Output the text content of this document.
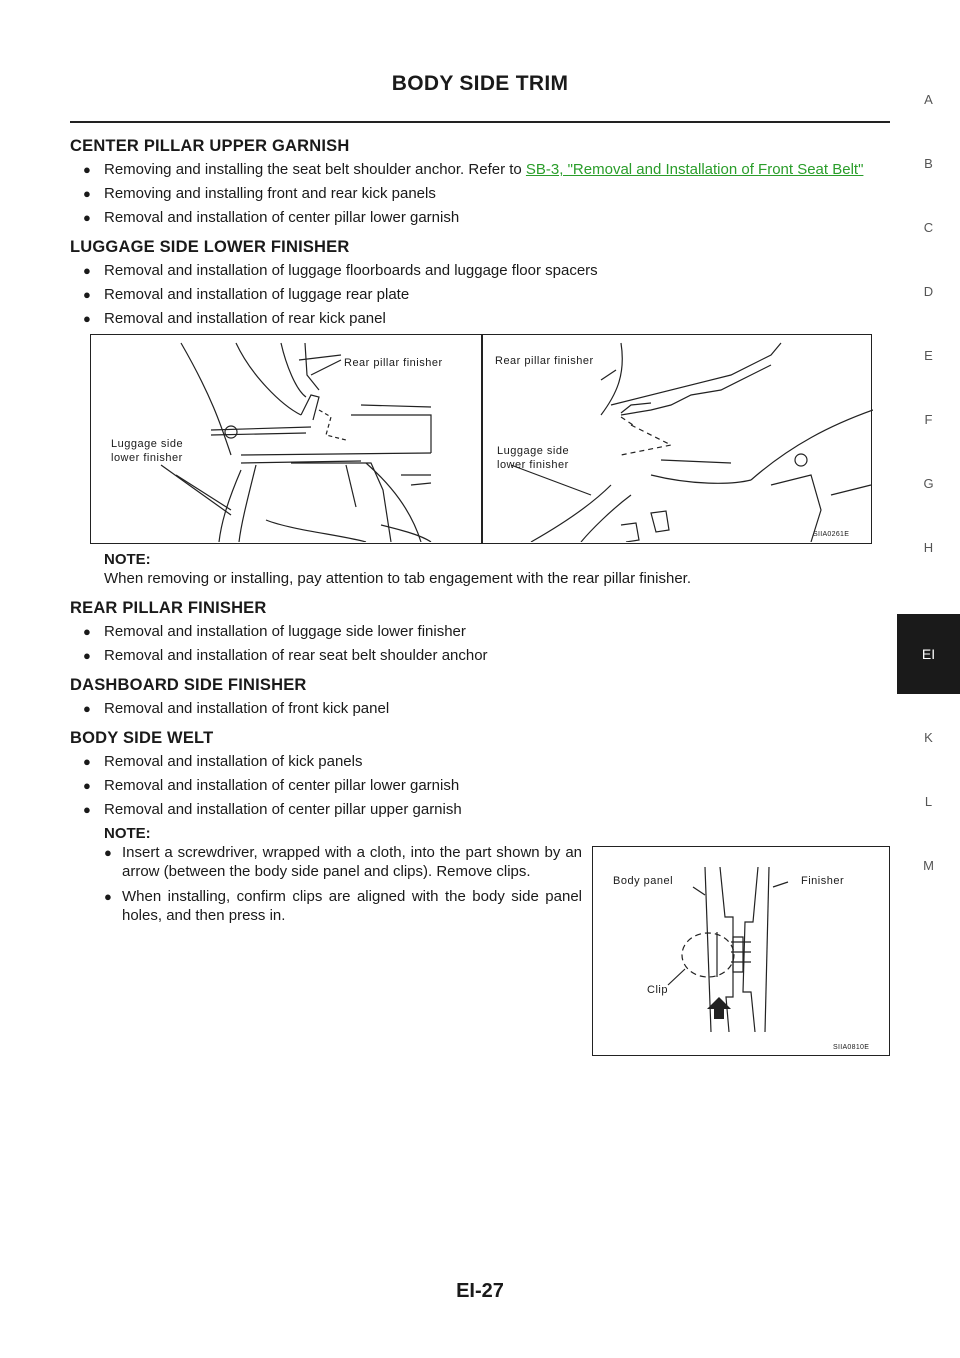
BODY SIDE TRIM
CENTER PILLAR UPPER GARNISH
● Removing and installing the seat belt shoulder anchor. Refer to SB-3, "Removal and Installation of Front Seat Belt"
● Removing and installing front and rear kick panels
● Removal and installation of center pillar lower garnish
LUGGAGE SIDE LOWER FINISHER
● Removal and installation of luggage floorboards and luggage floor spacers
● Removal and installation of luggage rear plate
● Removal and installation of rear kick panel
Rear pillar finisher
Luggage side
lower finisher
Rear pillar finisher
Luggage side
lower finisher
SIIA0261E
NOTE:
When removing or installing, pay attention to tab engagement with the rear pillar finisher.
REAR PILLAR FINISHER
● Removal and installation of luggage side lower finisher
● Removal and installation of rear seat belt shoulder anchor
DASHBOARD SIDE FINISHER
● Removal and installation of front kick panel
BODY SIDE WELT
● Removal and installation of kick panels
● Removal and installation of center pillar lower garnish
● Removal and installation of center pillar upper garnish
NOTE:
● Insert a screwdriver, wrapped with a cloth, into the part shown by an arrow (between the body side panel and clips). Remove clips.
● When installing, confirm clips are aligned with the body side panel holes, and then press in.
Body panel	Finisher
Clip
SIIA0810E
A
B
C
D
E
F
G
H
K
L
M
EI
EI-27
